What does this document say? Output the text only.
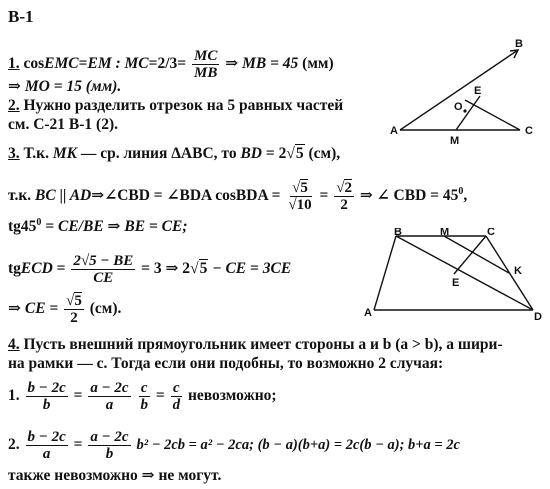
В-1
1. cosEMC=EM : $MC=2/3= \frac{MC}{MB}$ ⇒ MB = 45 (мм)
⇒ MO = 15 (мм).
2. Нужно разделить отрезок на 5 равных частей
см. С-21 В-1 (2).
3. Т.к. MK — ср. линия ΔABC, то BD = 2√5 (см),
т.к. BC || AD⇒∠CBD = ∠BDA cosBDA = $\frac{√5}{√10} = \frac{√2}{2}$ ⇒ ∠ CBD = $45^0$,
$tg45^0 = CE/BE$ ⇒ BE = CE;
tgECD = $\frac{2√5 - BE}{CE} = 3$ ⇒ 2√5 − CE = 3CE
⇒ CE = $\frac{√5}{2} (см)$.
4. Пусть внешний прямоугольник имеет стороны a и b (a > b), а шири-
на рамки — c. Тогда если они подобны, то возможно 2 случая:
1. $\frac{b - 2c}{b} = \frac{a - 2c}{a}$
$\frac{c}{b} = \frac{c}{d}$ невозможно;
2. $\frac{b - 2c}{a} = \frac{a - 2c}{b} b^2 - 2cb = a^2 - 2ca$; (b − a)(b+a) = 2c(b − a); b+a = 2c
также невозможно ⇒ не могут.
A
B
C
M
O
E
B	M	C
K
E
A	D
